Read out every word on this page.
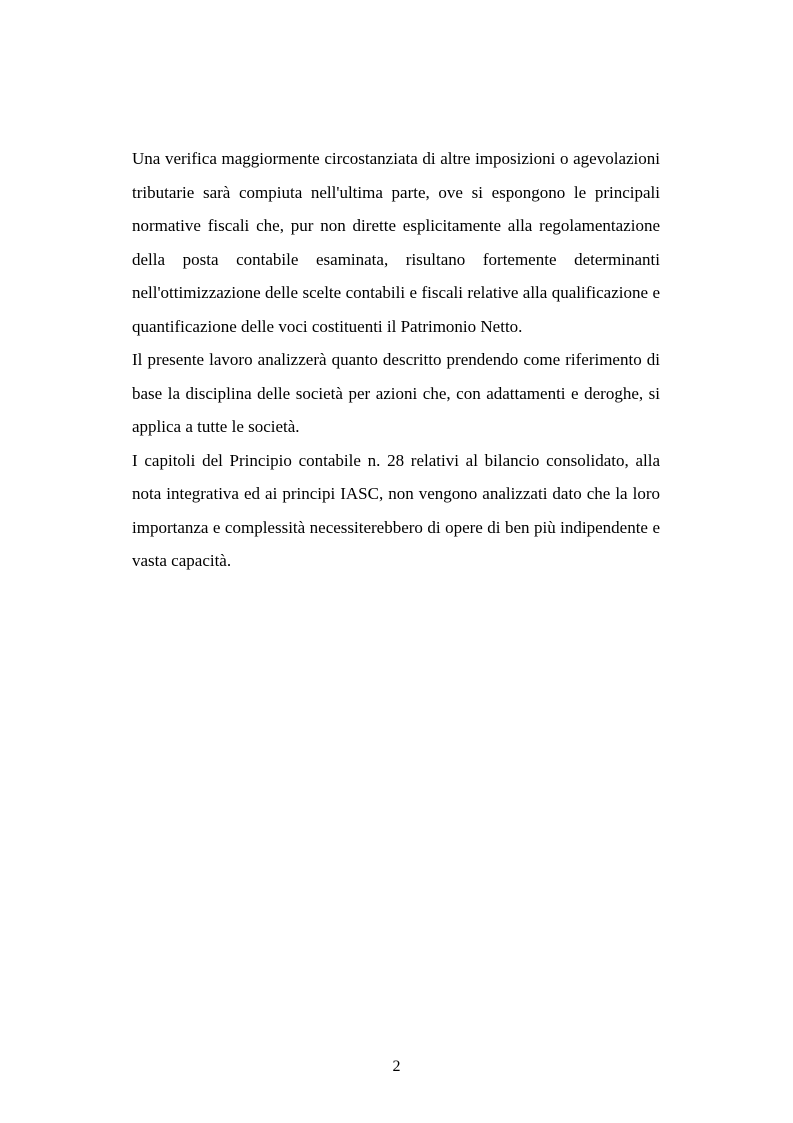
Una verifica maggiormente circostanziata di altre imposizioni o agevolazioni tributarie sarà compiuta nell'ultima parte, ove si espongono le principali normative fiscali che, pur non dirette esplicitamente alla regolamentazione della posta contabile esaminata, risultano fortemente determinanti nell'ottimizzazione delle scelte contabili e fiscali relative alla qualificazione e quantificazione delle voci costituenti il Patrimonio Netto.

Il presente lavoro analizzerà quanto descritto prendendo come riferimento di base la disciplina delle società per azioni che, con adattamenti e deroghe, si applica a tutte le società.

I capitoli del Principio contabile n. 28 relativi al bilancio consolidato, alla nota integrativa ed ai principi IASC, non vengono analizzati dato che la loro importanza e complessità necessiterebbero di opere di ben più indipendente e vasta capacità.

2
